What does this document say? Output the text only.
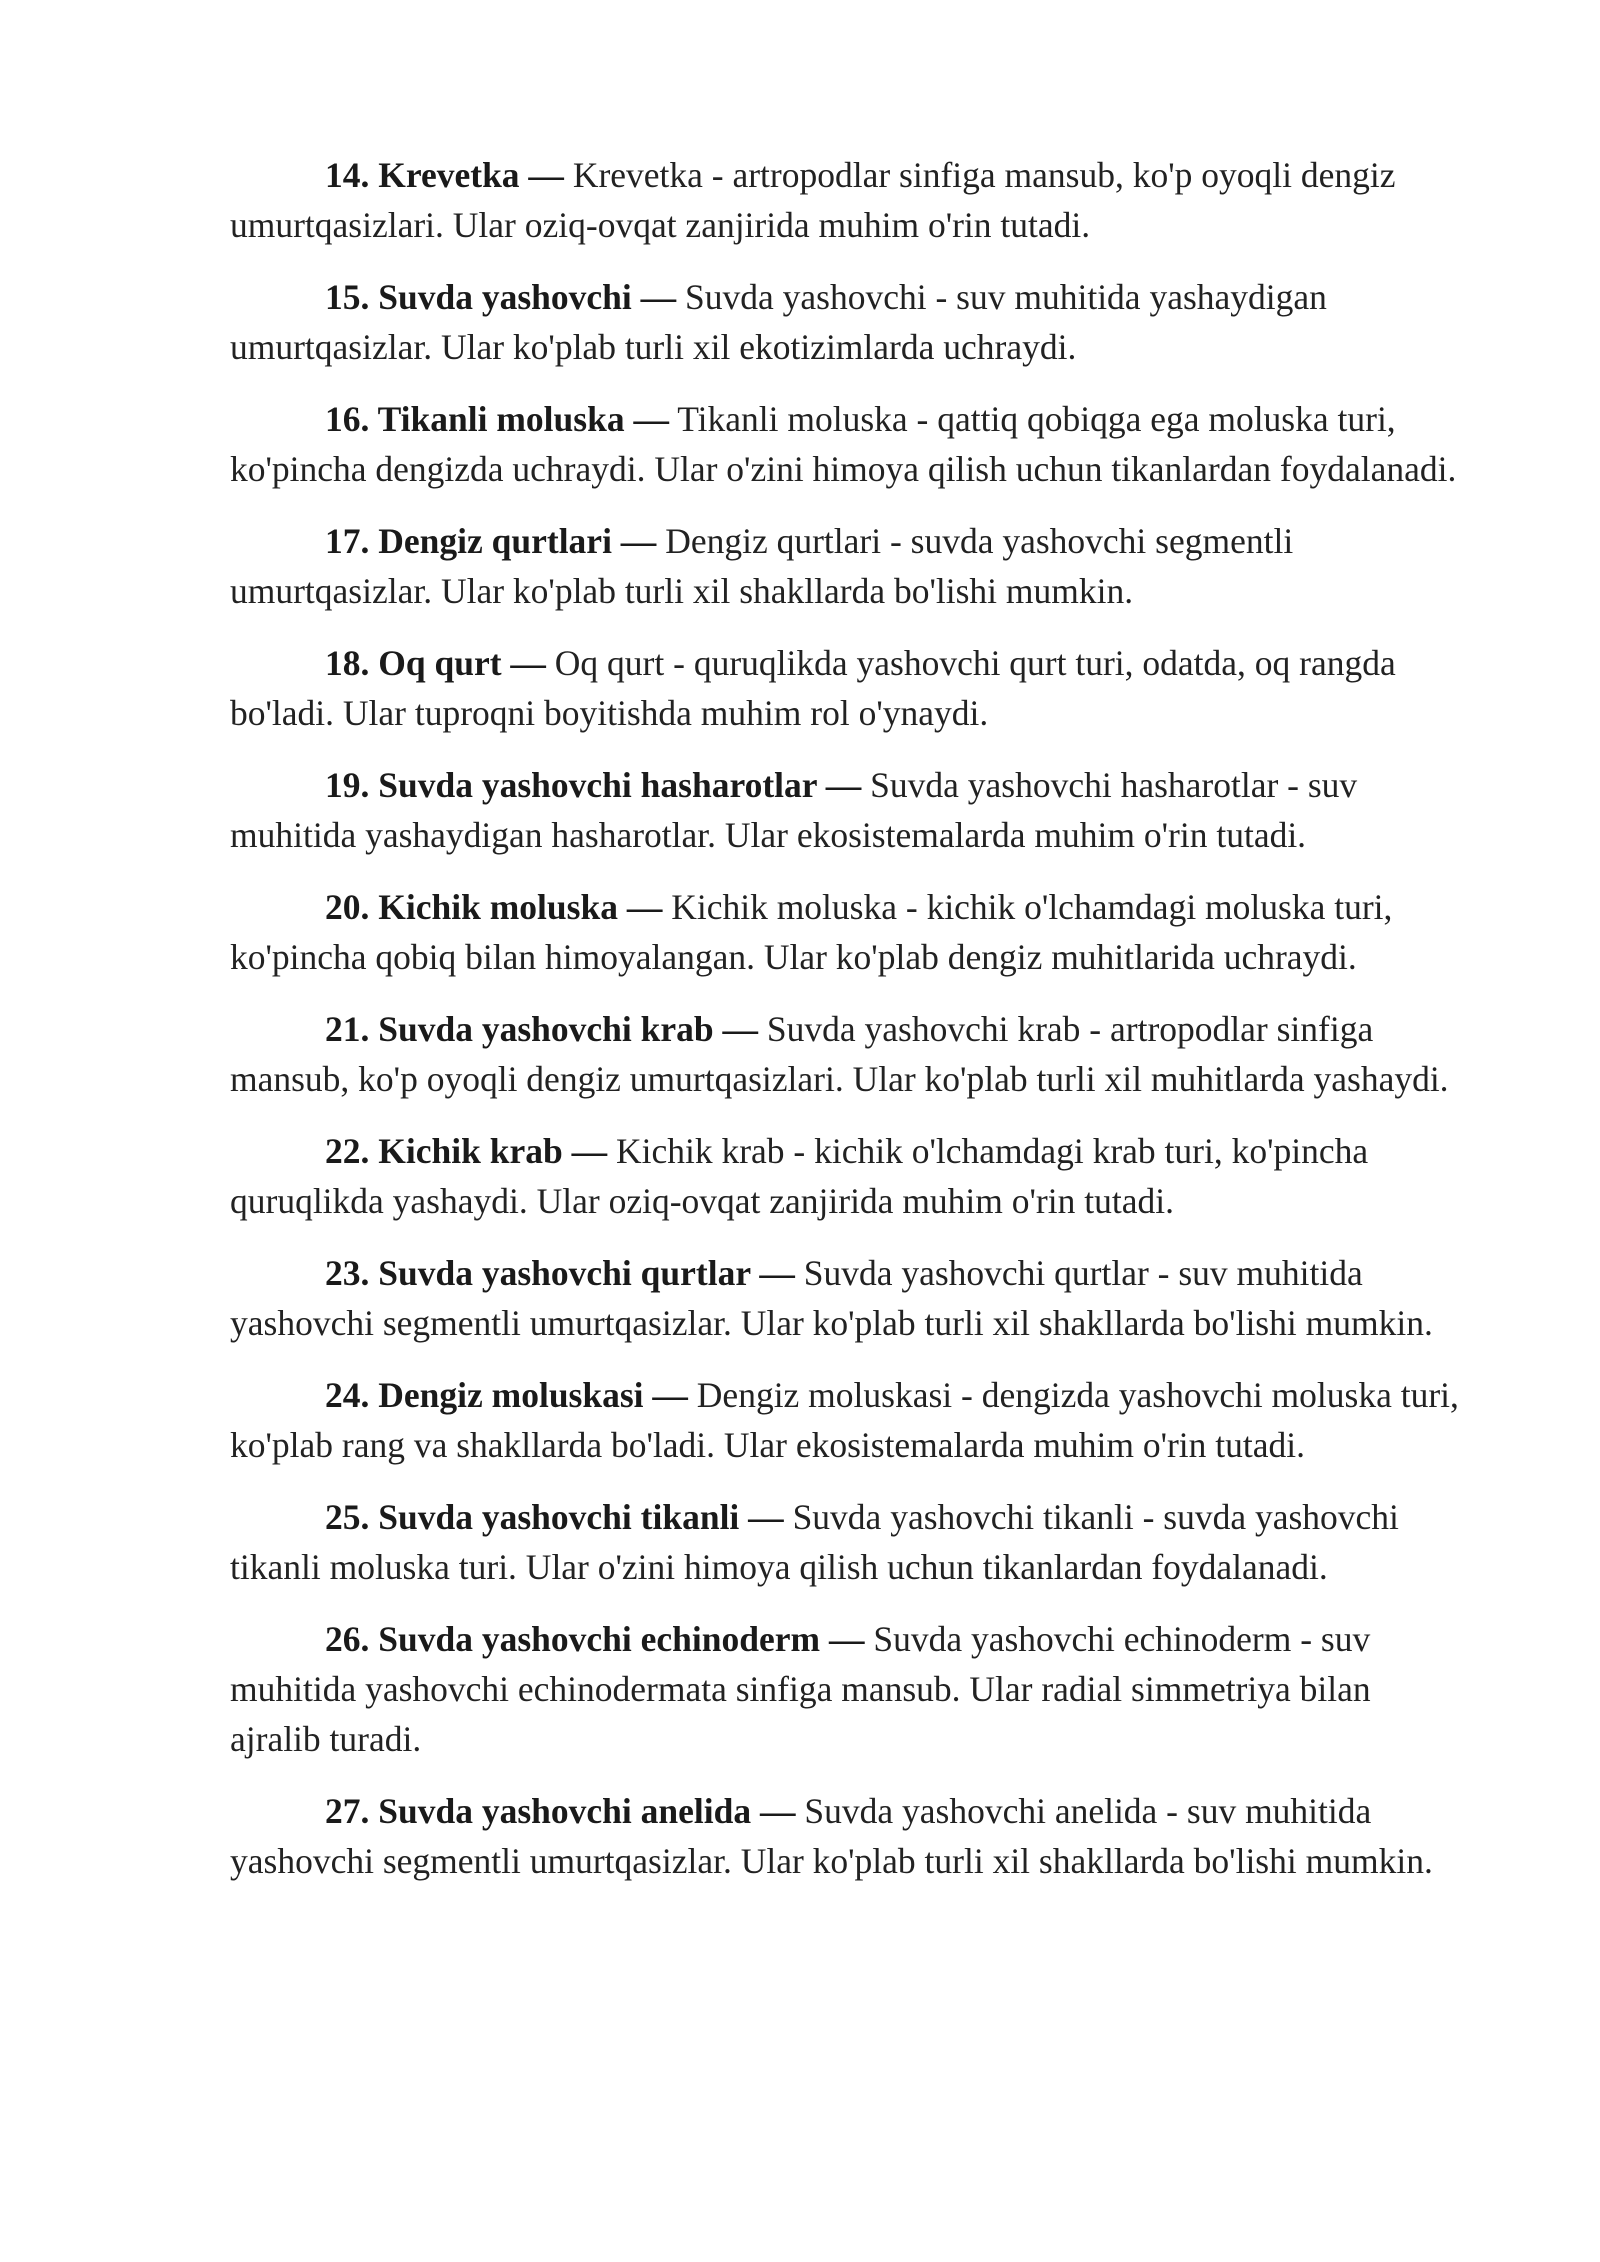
14. Krevetka — Krevetka - artropodlar sinfiga mansub, ko'p oyoqli dengiz umurtqasizlari. Ular oziq-ovqat zanjirida muhim o'rin tutadi.

15. Suvda yashovchi — Suvda yashovchi - suv muhitida yashaydigan umurtqasizlar. Ular ko'plab turli xil ekotizimlarda uchraydi.

16. Tikanli moluska — Tikanli moluska - qattiq qobiqga ega moluska turi, ko'pincha dengizda uchraydi. Ular o'zini himoya qilish uchun tikanlardan foydalanadi.

17. Dengiz qurtlari — Dengiz qurtlari - suvda yashovchi segmentli umurtqasizlar. Ular ko'plab turli xil shakllarda bo'lishi mumkin.

18. Oq qurt — Oq qurt - quruqlikda yashovchi qurt turi, odatda, oq rangda bo'ladi. Ular tuproqni boyitishda muhim rol o'ynaydi.

19. Suvda yashovchi hasharotlar — Suvda yashovchi hasharotlar - suv muhitida yashaydigan hasharotlar. Ular ekosistemalarda muhim o'rin tutadi.

20. Kichik moluska — Kichik moluska - kichik o'lchamdagi moluska turi, ko'pincha qobiq bilan himoyalangan. Ular ko'plab dengiz muhitlarida uchraydi.

21. Suvda yashovchi krab — Suvda yashovchi krab - artropodlar sinfiga mansub, ko'p oyoqli dengiz umurtqasizlari. Ular ko'plab turli xil muhitlarda yashaydi.

22. Kichik krab — Kichik krab - kichik o'lchamdagi krab turi, ko'pincha quruqlikda yashaydi. Ular oziq-ovqat zanjirida muhim o'rin tutadi.

23. Suvda yashovchi qurtlar — Suvda yashovchi qurtlar - suv muhitida yashovchi segmentli umurtqasizlar. Ular ko'plab turli xil shakllarda bo'lishi mumkin.

24. Dengiz moluskasi — Dengiz moluskasi - dengizda yashovchi moluska turi, ko'plab rang va shakllarda bo'ladi. Ular ekosistemalarda muhim o'rin tutadi.

25. Suvda yashovchi tikanli — Suvda yashovchi tikanli - suvda yashovchi tikanli moluska turi. Ular o'zini himoya qilish uchun tikanlardan foydalanadi.

26. Suvda yashovchi echinoderm — Suvda yashovchi echinoderm - suv muhitida yashovchi echinodermata sinfiga mansub. Ular radial simmetriya bilan ajralib turadi.

27. Suvda yashovchi anelida — Suvda yashovchi anelida - suv muhitida yashovchi segmentli umurtqasizlar. Ular ko'plab turli xil shakllarda bo'lishi mumkin.
